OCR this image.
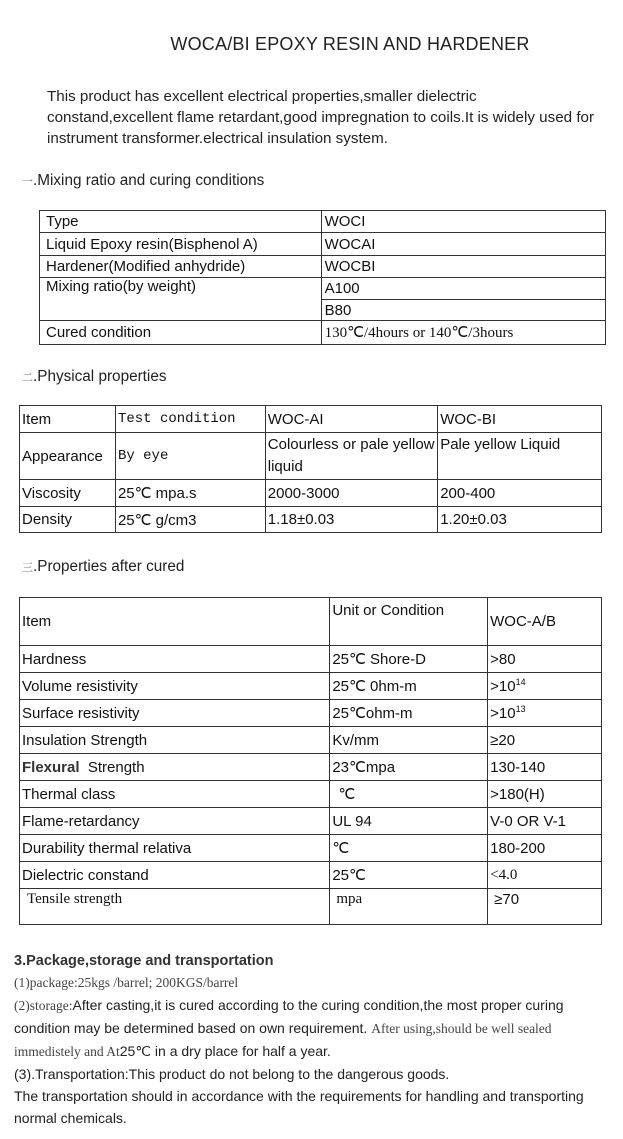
WOCA/BI EPOXY RESIN AND HARDENER
This product has excellent electrical properties,smaller dielectric constand,excellent flame retardant,good impregnation to coils.It is widely used for instrument transformer.electrical insulation system.
一.Mixing ratio and curing conditions
Type	WOCI
Liquid Epoxy resin(Bisphenol A)	WOCAI
Hardener(Modified anhydride)	WOCBI
Mixing ratio(by weight)	A100
	B80
Cured condition	130℃/4hours or 140℃/3hours
二.Physical properties
Item	Test condition	WOC-AI	WOC-BI
Appearance	By eye	Colourless or pale yellow liquid	Pale yellow Liquid
Viscosity	25℃ mpa.s	2000-3000	200-400
Density	25℃ g/cm3	1.18±0.03	1.20±0.03
三.Properties after cured
Item	Unit or Condition	WOC-A/B
Hardness	25℃ Shore-D	>80
Volume resistivity	25℃ 0hm-m	$>10^{14}$
Surface resistivity	25℃ohm-m	$>10^{13}$
Insulation Strength	Kv/mm	≥20
Flexural  Strength	23℃mpa	130-140
Thermal class	℃	>180(H)
Flame-retardancy	UL 94	V-0 OR V-1
Durability thermal relativa	℃	180-200
Dielectric constand	25℃	<4.0
Tensile strength	mpa	≥70
3.Package,storage and transportation
(1)package:25kgs /barrel; 200KGS/barrel
(2)storage:After casting,it is cured according to the curing condition,the most proper curing condition may be determined based on own requirement. After using,should be well sealed immedistely and At25℃ in a dry place for half a year.
(3).Transportation:This product do not belong to the dangerous goods.
The transportation should in accordance with the requirements for handling and transporting normal chemicals.
